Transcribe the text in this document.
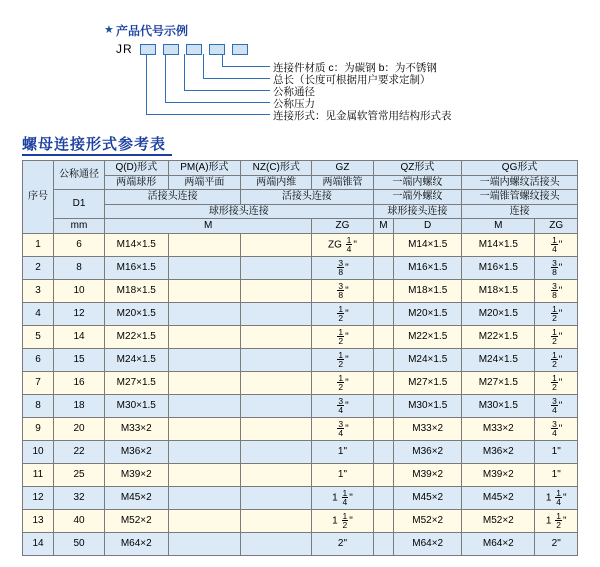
★ 产品代号示例
JR

连接件材质 c：为碳钢 b：为不锈钢
总长（长度可根据用户要求定制）
公称通径
公称压力
连接形式：见金属软管常用结构形式表
螺母连接形式参考表
序号	公称通径	Q(D)形式	PM(A)形式	NZ(C)形式	GZ	QZ形式		QG形式	
		两端球形	两端平面	两端内维	两端锥管	一端内螺纹		一端内螺纹活接头	
	D1	活接头连接		活接头连接		一端外螺纹		一端锥管螺纹接头	
		球形接头连接				球形接头连接		连接	
	mm	M			ZG	M	D	M	ZG
1	6	M14×1.5			ZG $\frac{1}{4}$ "		M14×1.5	M14×1.5	$\frac{1}{4}$ "
2	8	M16×1.5			$\frac{3}{8}$ "		M16×1.5	M16×1.5	$\frac{3}{8}$ "
3	10	M18×1.5			$\frac{3}{8}$ "		M18×1.5	M18×1.5	$\frac{3}{8}$ "
4	12	M20×1.5			$\frac{1}{2}$ "		M20×1.5	M20×1.5	$\frac{1}{2}$ "
5	14	M22×1.5			$\frac{1}{2}$ "		M22×1.5	M22×1.5	$\frac{1}{2}$ "
6	15	M24×1.5			$\frac{1}{2}$ "		M24×1.5	M24×1.5	$\frac{1}{2}$ "
7	16	M27×1.5			$\frac{1}{2}$ "		M27×1.5	M27×1.5	$\frac{1}{2}$ "
8	18	M30×1.5			$\frac{3}{4}$ "		M30×1.5	M30×1.5	$\frac{3}{4}$ "
9	20	M33×2			$\frac{3}{4}$ "		M33×2	M33×2	$\frac{3}{4}$ "
10	22	M36×2			1"		M36×2	M36×2	1"
11	25	M39×2			1"		M39×2	M39×2	1"
12	32	M45×2			$1 \frac{1}{4}$ "		M45×2	M45×2	$1 \frac{1}{4}$ "
13	40	M52×2			$1 \frac{1}{2}$ "		M52×2	M52×2	$1 \frac{1}{2}$ "
14	50	M64×2			2"		M64×2	M64×2	2"
